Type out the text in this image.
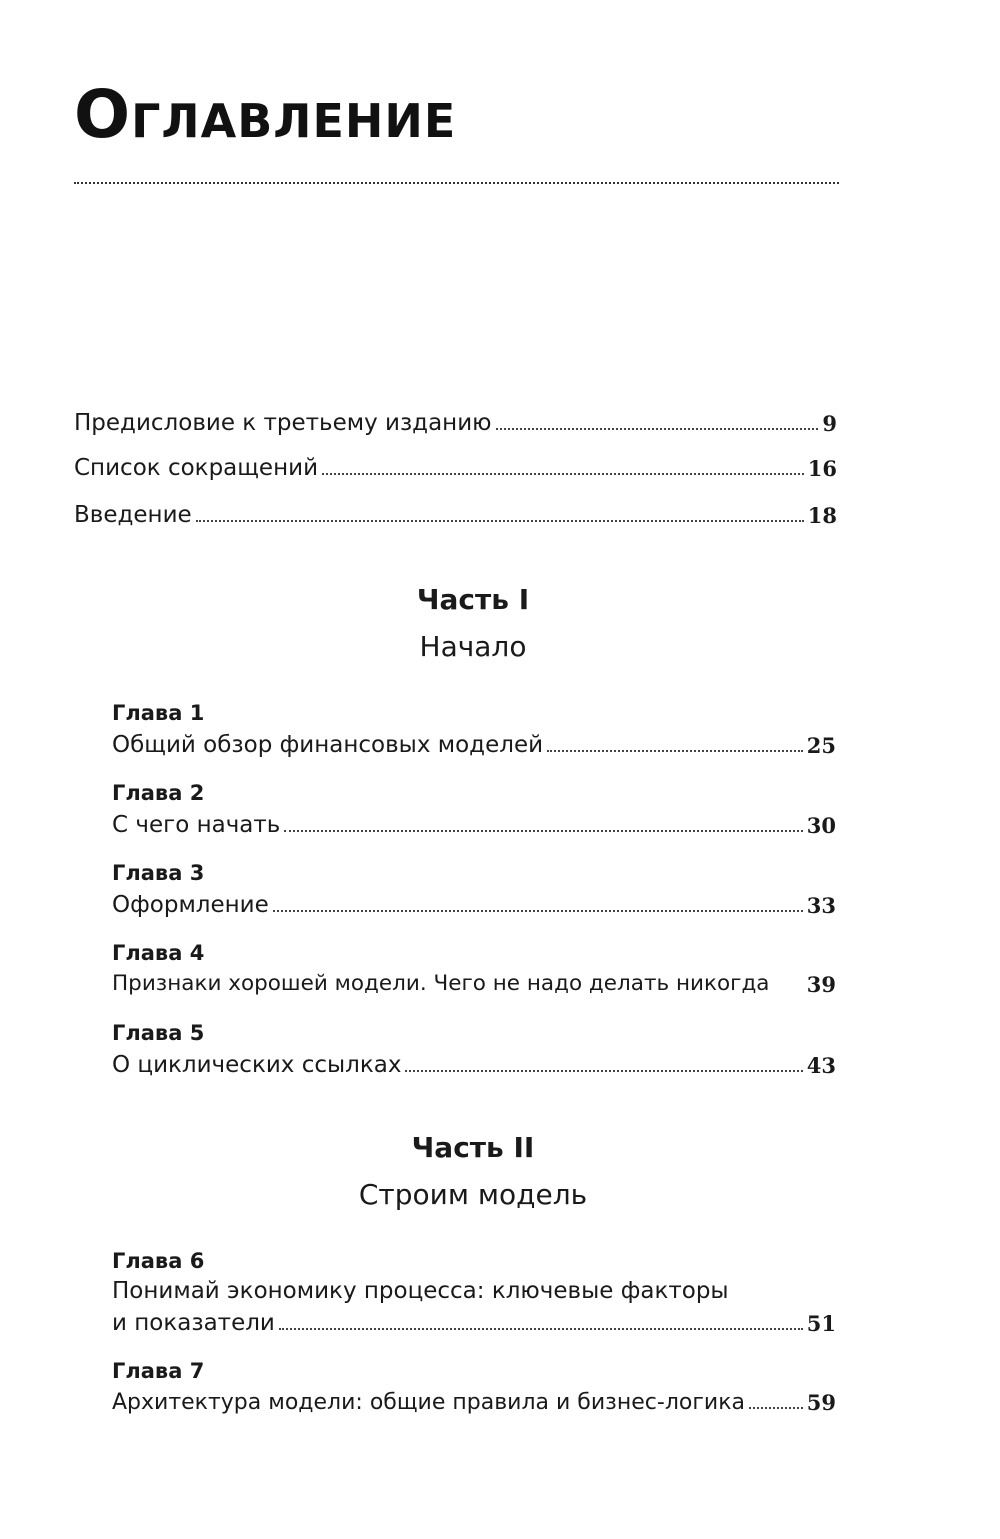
Оглавление
Предисловие к третьему изданию	9
Список сокращений	16
Введение	18
Часть I
Начало
Глава 1
Общий обзор финансовых моделей	25
Глава 2
С чего начать	30
Глава 3
Оформление	33
Глава 4
Признаки хорошей модели. Чего не надо делать никогда 39
Глава 5
О циклических ссылках	43
Часть II
Строим модель
Глава 6
Понимай экономику процесса: ключевые факторы
и показатели	51
Глава 7
Архитектура модели: общие правила и бизнес-логика	59
